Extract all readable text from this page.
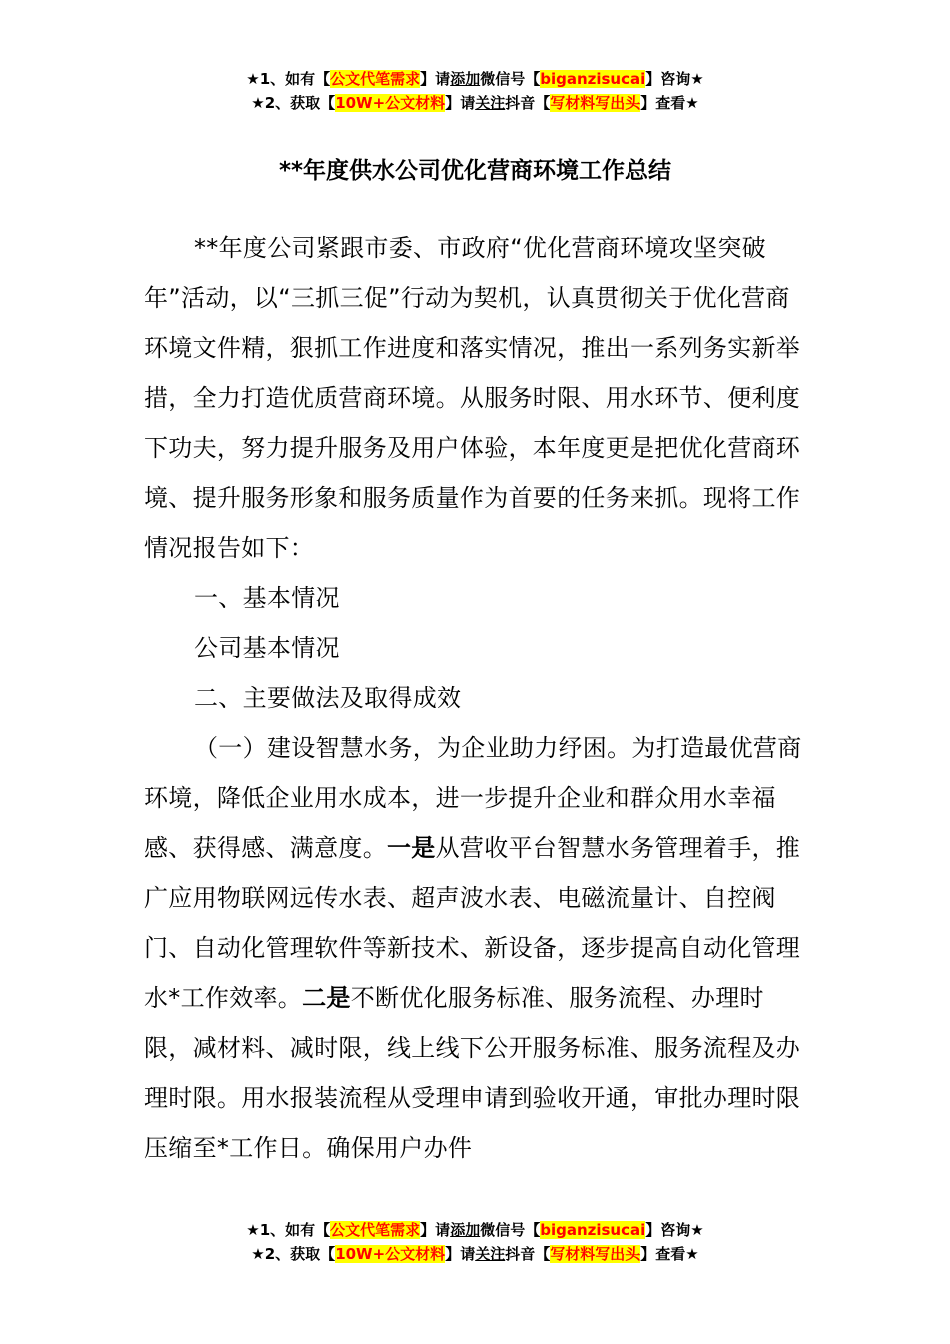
★1、如有【公文代笔需求】请添加微信号【biganzisucai】咨询★
★2、获取【10W+公文材料】请关注抖音【写材料写出头】查看★
**年度供水公司优化营商环境工作总结

**年度公司紧跟市委、市政府“优化营商环境攻坚突破年”活动，以“三抓三促”行动为契机，认真贯彻关于优化营商环境文件精，狠抓工作进度和落实情况，推出一系列务实新举措，全力打造优质营商环境。从服务时限、用水环节、便利度下功夫，努力提升服务及用户体验，本年度更是把优化营商环境、提升服务形象和服务质量作为首要的任务来抓。现将工作情况报告如下：

一、基本情况

公司基本情况

二、主要做法及取得成效

（一）建设智慧水务，为企业助力纾困。为打造最优营商环境，降低企业用水成本，进一步提升企业和群众用水幸福感、获得感、满意度。一是从营收平台智慧水务管理着手，推广应用物联网远传水表、超声波水表、电磁流量计、自控阀门、自动化管理软件等新技术、新设备，逐步提高自动化管理水*工作效率。二是不断优化服务标准、服务流程、办理时限，减材料、减时限，线上线下公开服务标准、服务流程及办理时限。用水报装流程从受理申请到验收开通，审批办理时限压缩至*工作日。确保用户办件

★1、如有【公文代笔需求】请添加微信号【biganzisucai】咨询★
★2、获取【10W+公文材料】请关注抖音【写材料写出头】查看★
